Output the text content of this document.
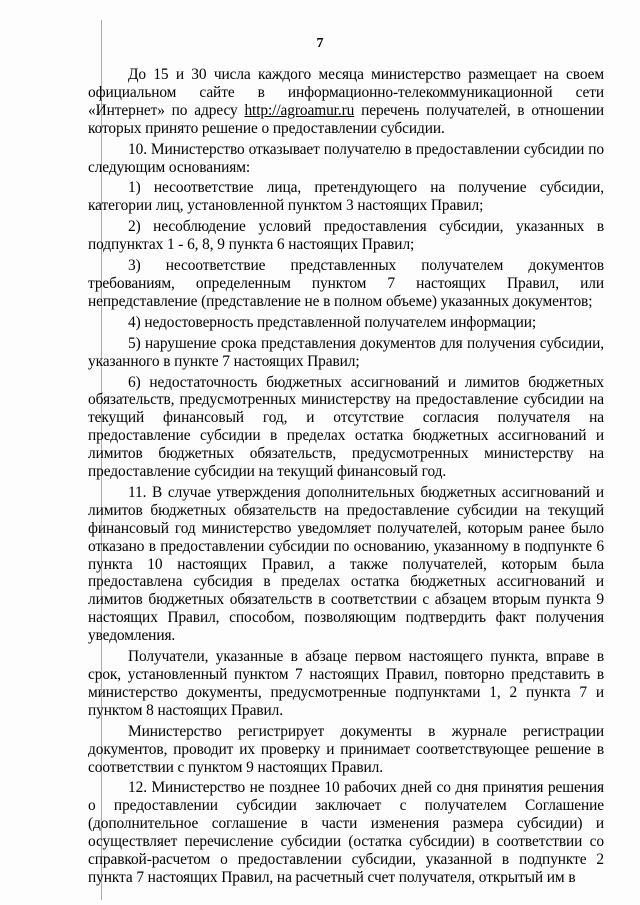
7

До 15 и 30 числа каждого месяца министерство размещает на своем официальном сайте в информационно-телекоммуникационной сети «Интернет» по адресу http://agroamur.ru перечень получателей, в отношении которых принято решение о предоставлении субсидии.

10. Министерство отказывает получателю в предоставлении субсидии по следующим основаниям:

1) несоответствие лица, претендующего на получение субсидии, категории лиц, установленной пунктом 3 настоящих Правил;

2) несоблюдение условий предоставления субсидии, указанных в подпунктах 1 - 6, 8, 9 пункта 6 настоящих Правил;

3) несоответствие представленных получателем документов требованиям, определенным пунктом 7 настоящих Правил, или непредставление (представление не в полном объеме) указанных документов;

4) недостоверность представленной получателем информации;

5) нарушение срока представления документов для получения субсидии, указанного в пункте 7 настоящих Правил;

6) недостаточность бюджетных ассигнований и лимитов бюджетных обязательств, предусмотренных министерству на предоставление субсидии на текущий финансовый год, и отсутствие согласия получателя на предоставление субсидии в пределах остатка бюджетных ассигнований и лимитов бюджетных обязательств, предусмотренных министерству на предоставление субсидии на текущий финансовый год.

11. В случае утверждения дополнительных бюджетных ассигнований и лимитов бюджетных обязательств на предоставление субсидии на текущий финансовый год министерство уведомляет получателей, которым ранее было отказано в предоставлении субсидии по основанию, указанному в подпункте 6 пункта 10 настоящих Правил, а также получателей, которым была предоставлена субсидия в пределах остатка бюджетных ассигнований и лимитов бюджетных обязательств в соответствии с абзацем вторым пункта 9 настоящих Правил, способом, позволяющим подтвердить факт получения уведомления.

Получатели, указанные в абзаце первом настоящего пункта, вправе в срок, установленный пунктом 7 настоящих Правил, повторно представить в министерство документы, предусмотренные подпунктами 1, 2 пункта 7 и пунктом 8 настоящих Правил.

Министерство регистрирует документы в журнале регистрации документов, проводит их проверку и принимает соответствующее решение в соответствии с пунктом 9 настоящих Правил.

12. Министерство не позднее 10 рабочих дней со дня принятия решения о предоставлении субсидии заключает с получателем Соглашение (дополнительное соглашение в части изменения размера субсидии) и осуществляет перечисление субсидии (остатка субсидии) в соответствии со справкой-расчетом о предоставлении субсидии, указанной в подпункте 2 пункта 7 настоящих Правил, на расчетный счет получателя, открытый им в
